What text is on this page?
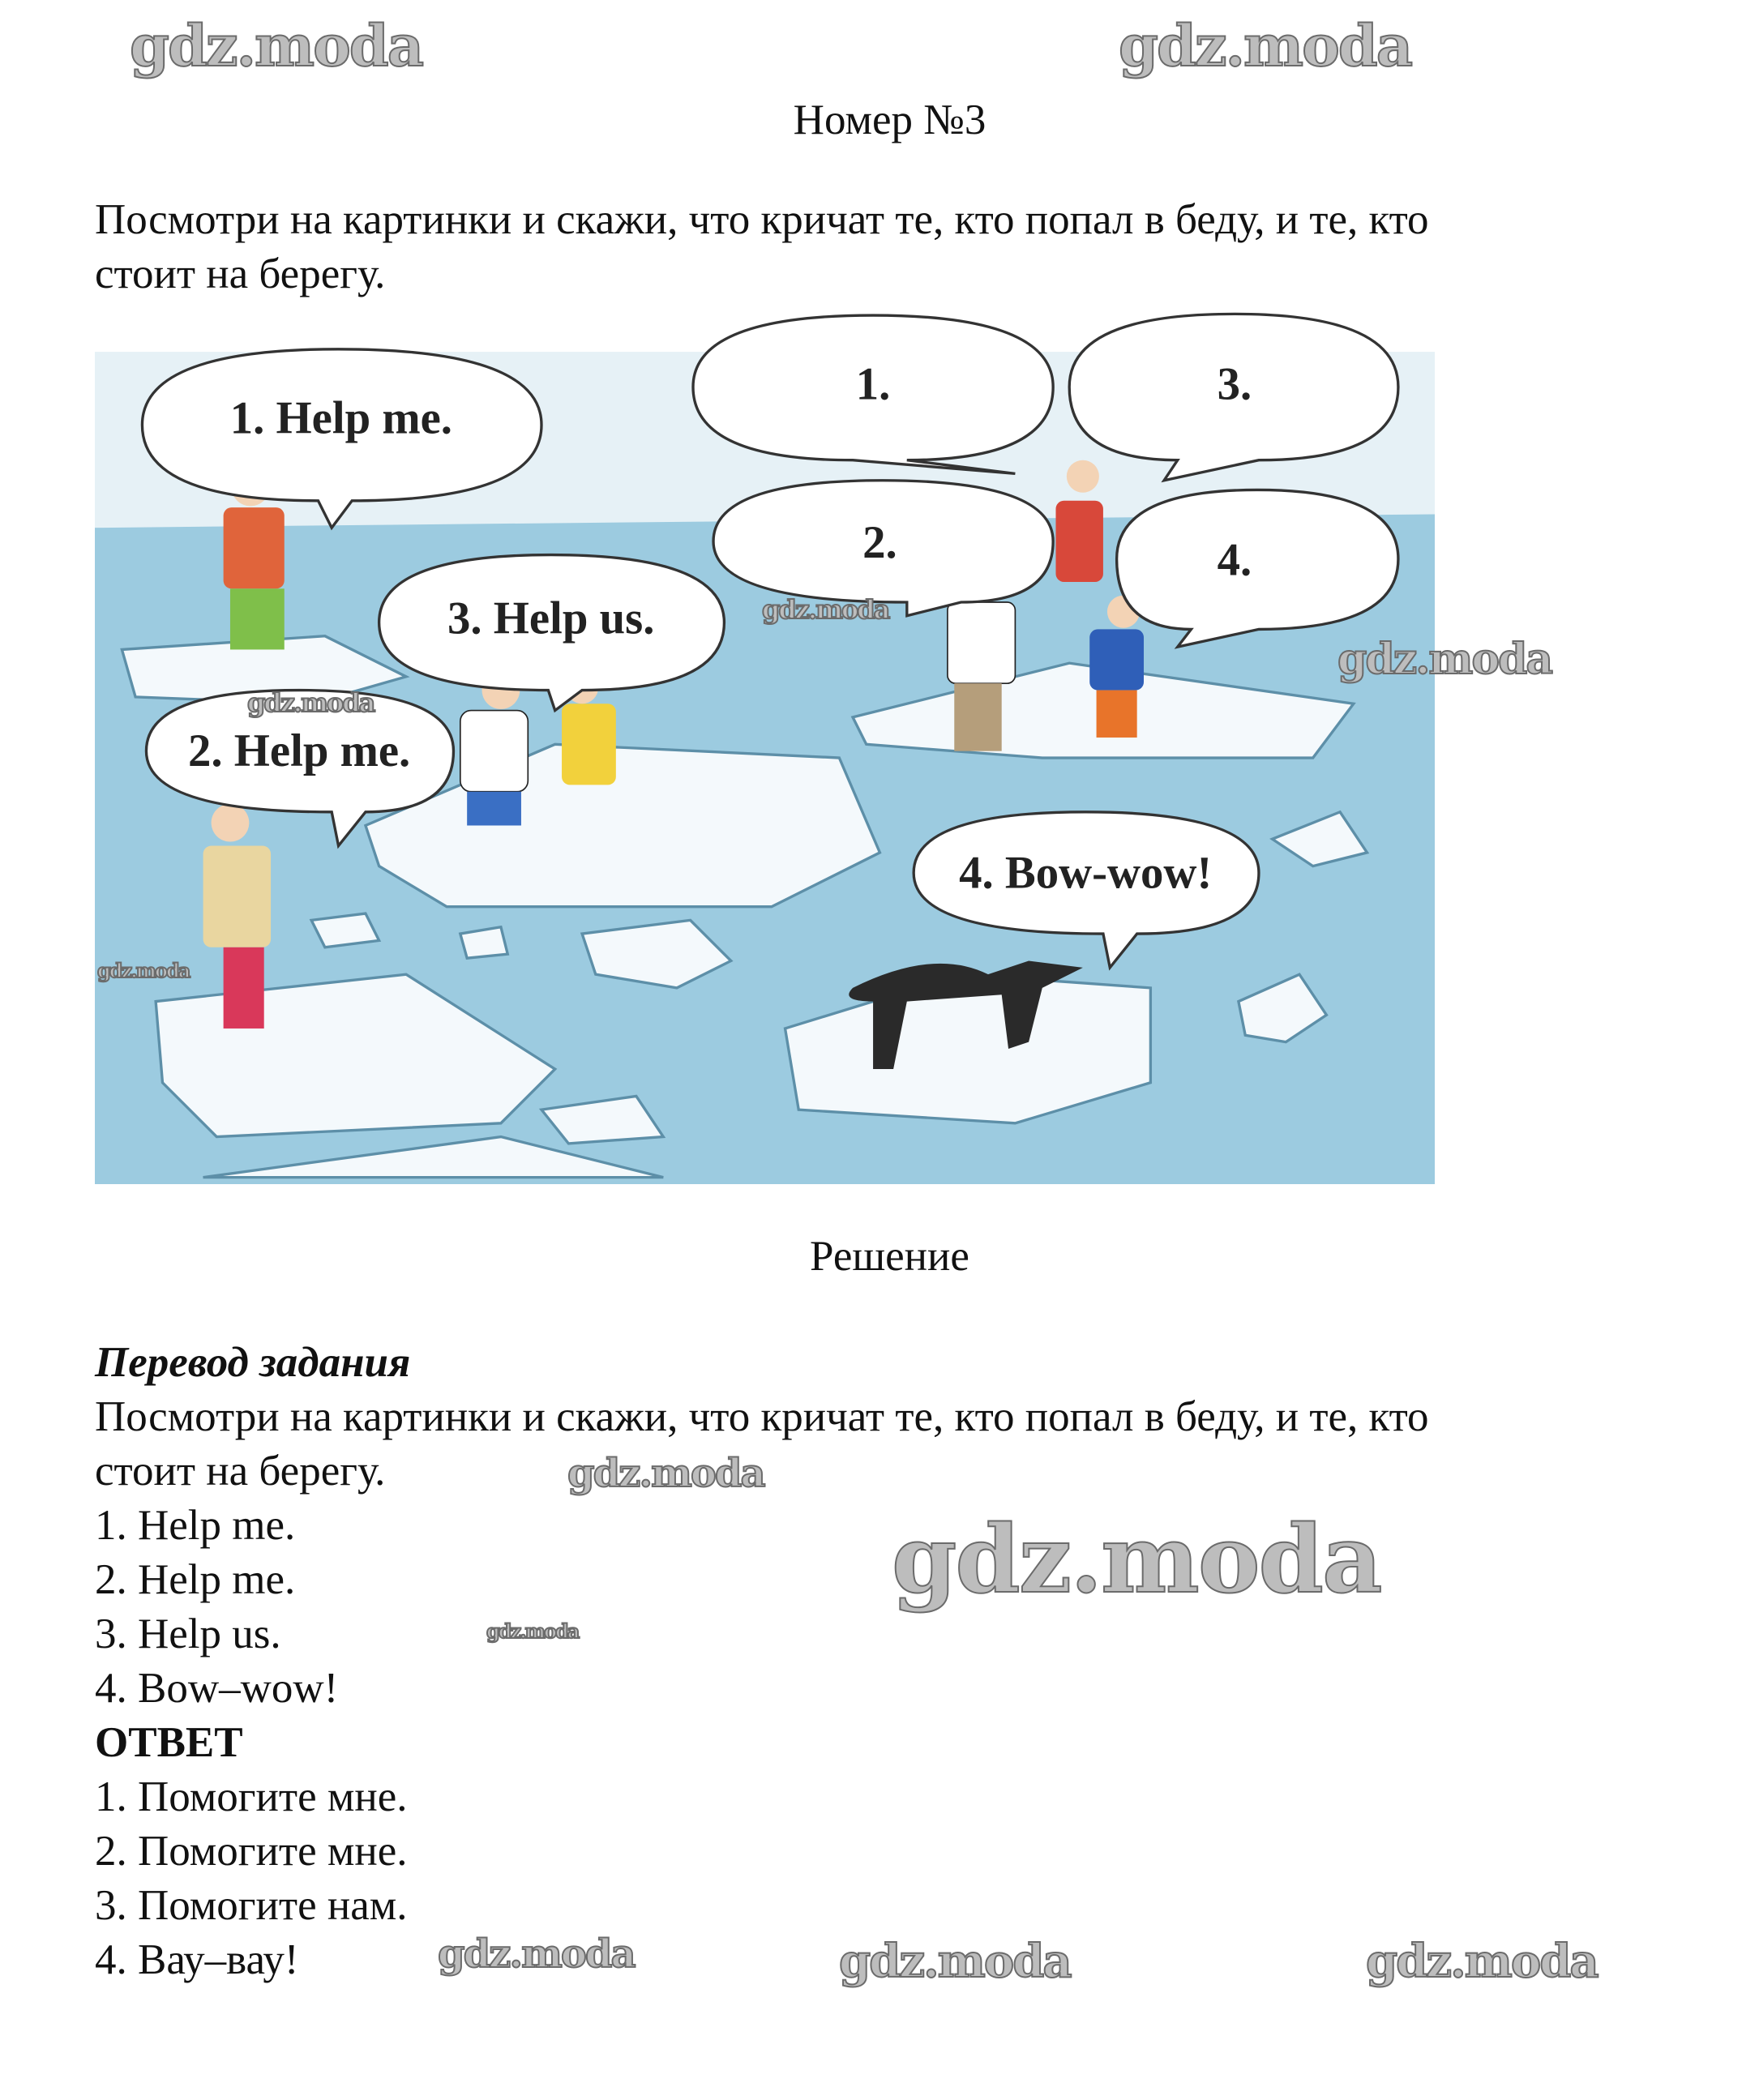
Номер №3
Посмотри на картинки и скажи, что кричат те, кто попал в беду, и те, кто
стоит на берегу.
1. Help me.
1.	3.
2.	4.
3. Help us.
2. Help me.
4. Bow-wow!
Решение
Перевод задания
Посмотри на картинки и скажи, что кричат те, кто попал в беду, и те, кто
стоит на берегу.
1. Help me.
2. Help me.
3. Help us.
4. Bow–wow!
ОТВЕТ
1. Помогите мне.
2. Помогите мне.
3. Помогите нам.
4. Вау–вау!
gdz.moda	gdz.moda
gdz.moda
gdz.moda
gdz.moda
gdz.moda
gdz.moda
gdz.moda
gdz.moda
gdz.moda	gdz.moda	gdz.moda
